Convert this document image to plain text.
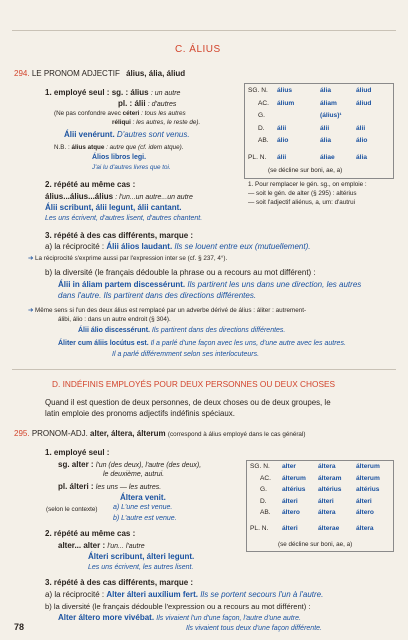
C. ÁLIUS
294. LE PRONOM ADJECTIF álius, ália, áliud
1. employé seul : sg. : álius : un autre
pl. : álii : d'autres
(Ne pas confondre avec céteri : tous les autres
réliqui : les autres, le reste de).
Álii venérunt. D'autres sont venus.
N.B. : álius atque : autre que (cf. idem atque).
Álios libros legi.
J'ai lu d'autres livres que toi.
2. répété au même cas :
álius...álius...álius : l'un...un autre...un autre
Álii scribunt, álii legunt, álii cantant.
Les uns écrivent, d'autres lisent, d'autres chantent.
SG. N. álius	ália	áliud
AC. álium	áliam	áliud
G.	(álius)¹
D. álii	álii	álii
AB. álio	ália	álio
PL. N. álii	áliae	ália
(se décline sur boni, ae, a)
1. Pour remplacer le gén. sg., on emploie :
— soit le gén. de alter (§ 295) : altérius
— soit l'adjectif aliénus, a, um: d'autrui
3. répété à des cas différents, marque :
a) la réciprocité : Álii álios laudant. Ils se louent entre eux (mutuellement).
➔ La réciprocité s'exprime aussi par l'expression inter se (cf. § 237, 4°).
b) la diversité (le français dédouble la phrase ou a recours au mot différent) :
Álii in áliam partem discessérunt. Ils partirent les uns dans une direction, les autres
dans l'autre. Ils partirent dans des directions différentes.
➔ Même sens si l'un des deux álius est remplacé par un adverbe dérivé de álius : áliter : autrement-
álibi, álio : dans un autre endroit (§ 304).
Álii álio discessérunt. Ils partirent dans des directions différentes.
Áliter cum áliis locútus est. Il a parlé d'une façon avec les uns, d'une autre avec les autres.
Il a parlé différemment selon ses interlocuteurs.
D. INDÉFINIS EMPLOYÉS POUR DEUX PERSONNES OU DEUX CHOSES
Quand il est question de deux personnes, de deux choses ou de deux groupes, le
latin emploie des pronoms adjectifs indéfinis spéciaux.
295. PRONOM-ADJ. alter, áltera, álterum (correspond à álius employé dans le cas général)
1. employé seul :
sg. alter : l'un (des deux), l'autre (des deux),
le deuxième, autrui.
pl. álteri : les uns — les autres.
Áltera venit.
(selon le contexte) a) L'une est venue.
b) L'autre est venue.
2. répété au même cas :
alter... alter : l'un... l'autre
Álteri scribunt, álteri legunt.
Les uns écrivent, les autres lisent.
3. répété à des cas différents, marque :
a) la réciprocité : Alter álteri auxílium fert. Ils se portent secours l'un à l'autre.
b) la diversité (le français dédouble l'expression ou a recours au mot différent) :
Alter áltero more vivébat. Ils vivaient l'un d'une façon, l'autre d'une autre.
Ils vivaient tous deux d'une façon différente.
SG. N. alter	áltera	álterum
AC. álterum álteram álterum
G. altérius altérius altérius
D. álteri	álteri	álteri
AB. áltero	áltera	áltero
PL. N. álteri	álterae	áltera
(se décline sur boni, ae, a)
78
